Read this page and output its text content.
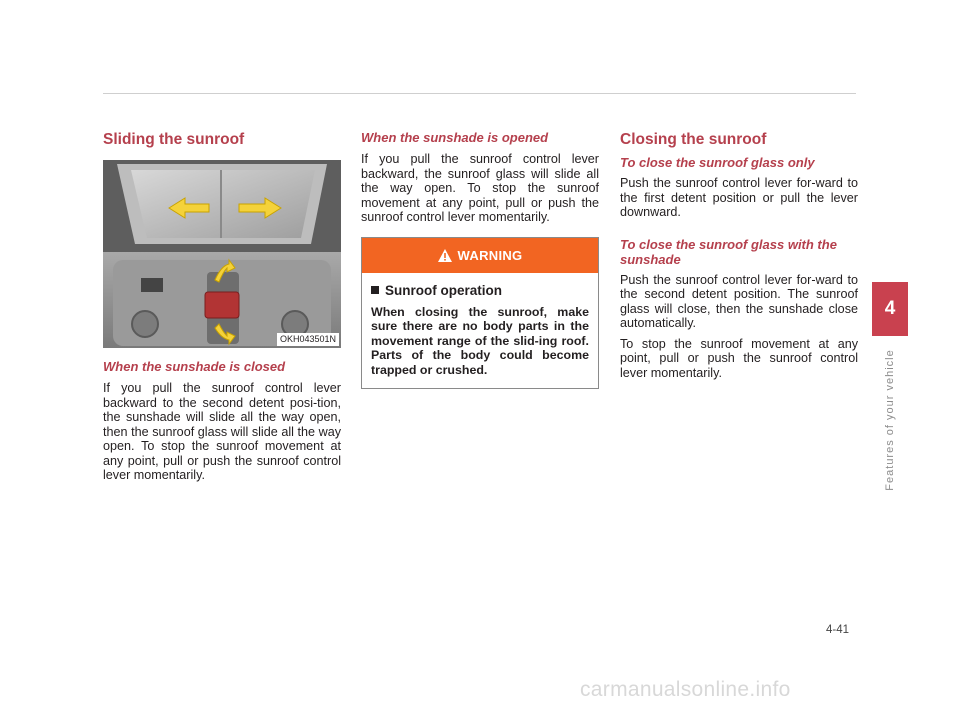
Sliding the sunroof
OKH043501N
When the sunshade is closed

If you pull the sunroof control lever backward to the second detent posi-tion, the sunshade will slide all the way open, then the sunroof glass will slide all the way open. To stop the sunroof movement at any point, pull or push the sunroof control lever momentarily.

When the sunshade is opened

If you pull the sunroof control lever backward, the sunroof glass will slide all the way open. To stop the sunroof movement at any point, pull or push the sunroof control lever momentarily.

WARNING
Sunroof operation

When closing the sunroof, make sure there are no body parts in the movement range of the slid-ing roof. Parts of the body could become trapped or crushed.

Closing the sunroof
To close the sunroof glass only

Push the sunroof control lever for-ward to the first detent position or pull the lever downward.

To close the sunroof glass with the sunshade

Push the sunroof control lever for-ward to the second detent position. The sunroof glass will close, then the sunshade close automatically.

To stop the sunroof movement at any point, pull or push the sunroof control lever momentarily.

4
Features of your vehicle
4-41
carmanualsonline.info
